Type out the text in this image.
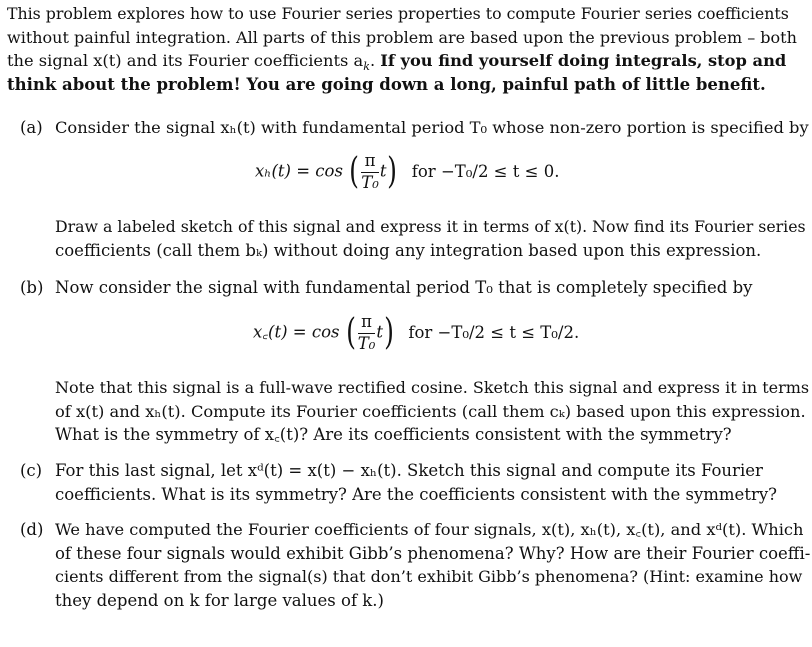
This problem explores how to use Fourier series properties to compute Fourier series coefficients
without painful integration. All parts of this problem are based upon the previous problem – both
the signal x(t) and its Fourier coefficients $a_k$. If you find yourself doing integrals, stop and
think about the problem! You are going down a long, painful path of little benefit.
(a) Consider the signal xₕ(t) with fundamental period T₀ whose non-zero portion is specified by
xₕ(t) = cos ( $\frac{\pi}{\text{T₀}} t$) for −T₀/2 ≤ t ≤ 0.
Draw a labeled sketch of this signal and express it in terms of x(t). Now find its Fourier series
coefficients (call them bₖ) without doing any integration based upon this expression.
(b) Now consider the signal with fundamental period T₀ that is completely specified by
x꜀(t) = cos ( $\frac{\pi}{\text{T₀}} t$) for −T₀/2 ≤ t ≤ T₀/2.
Note that this signal is a full-wave rectified cosine. Sketch this signal and express it in terms
of x(t) and xₕ(t). Compute its Fourier coefficients (call them cₖ) based upon this expression.
What is the symmetry of x꜀(t)? Are its coefficients consistent with the symmetry?
(c) For this last signal, let xᵈ(t) = x(t) − xₕ(t). Sketch this signal and compute its Fourier
coefficients. What is its symmetry? Are the coefficients consistent with the symmetry?
(d) We have computed the Fourier coefficients of four signals, x(t), xₕ(t), x꜀(t), and xᵈ(t). Which
of these four signals would exhibit Gibb’s phenomena? Why? How are their Fourier coeffi-
cients different from the signal(s) that don’t exhibit Gibb’s phenomena? (Hint: examine how
they depend on k for large values of k.)
